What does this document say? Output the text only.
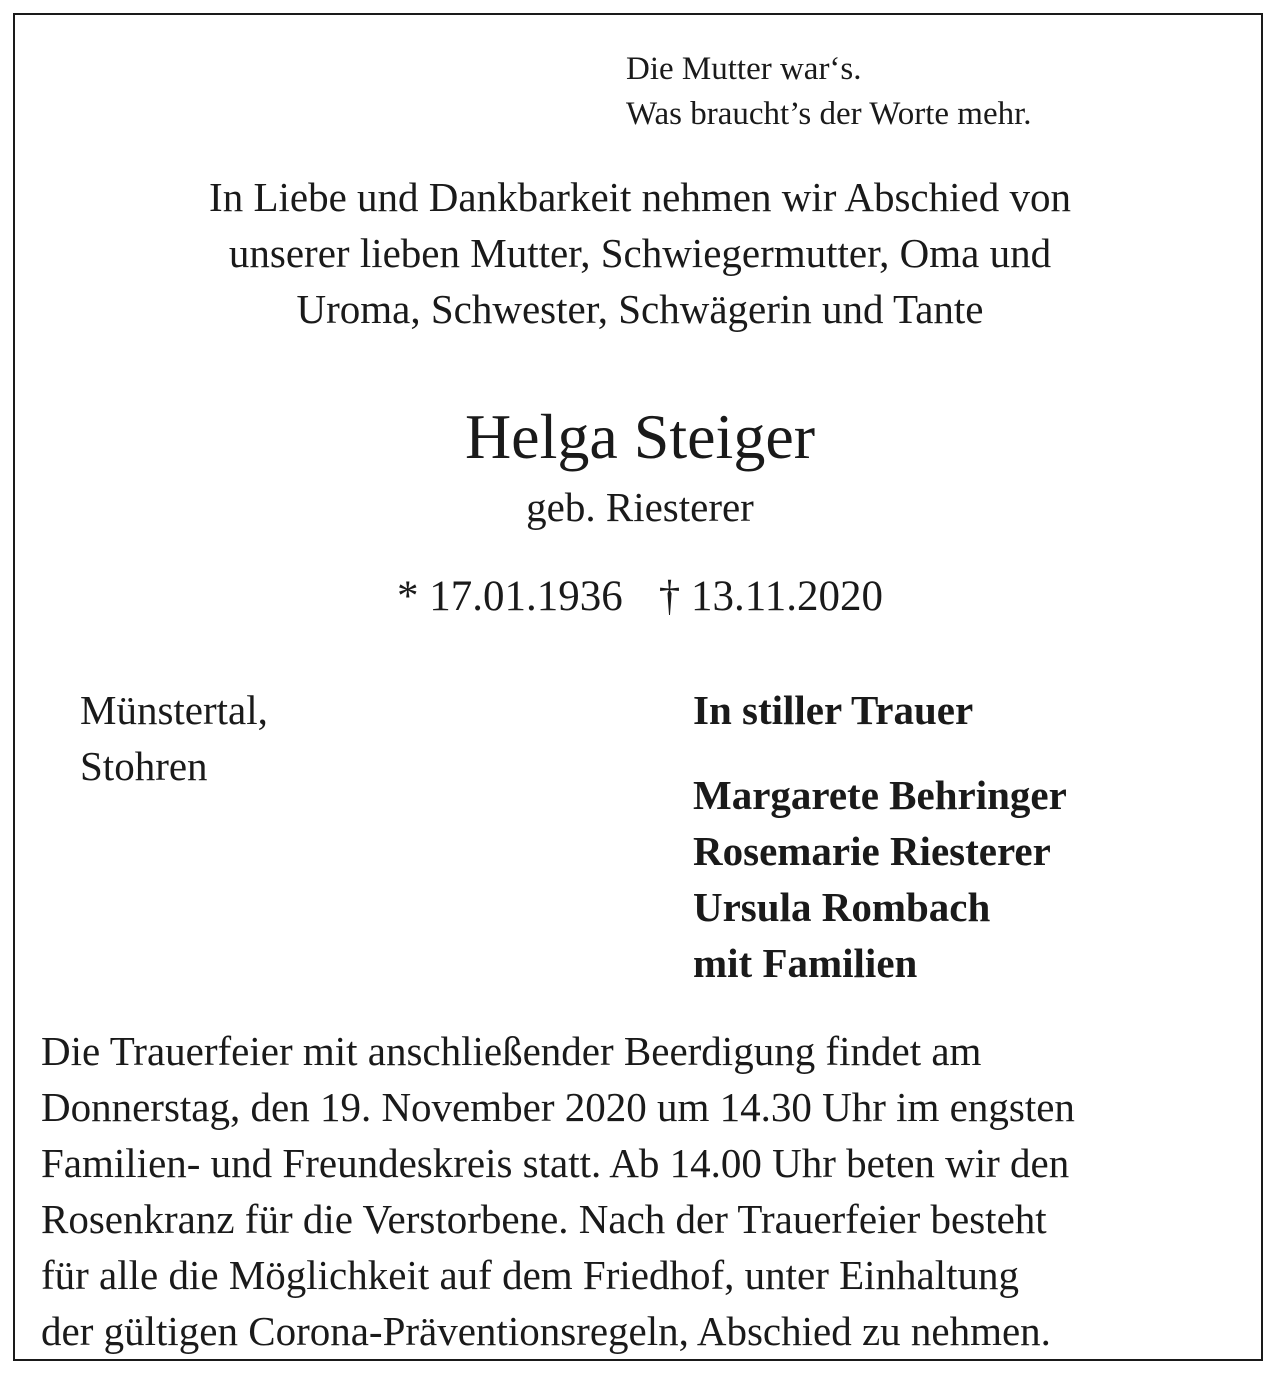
Die Mutter war‘s.
Was braucht’s der Worte mehr.
In Liebe und Dankbarkeit nehmen wir Abschied von
unserer lieben Mutter, Schwiegermutter, Oma und
Uroma, Schwester, Schwägerin und Tante
Helga Steiger
geb. Riesterer
* 17.01.1936 † 13.11.2020
Münstertal,
Stohren
In stiller Trauer
Margarete Behringer
Rosemarie Riesterer
Ursula Rombach
mit Familien
Die Trauerfeier mit anschließender Beerdigung findet am
Donnerstag, den 19. November 2020 um 14.30 Uhr im engsten
Familien- und Freundeskreis statt. Ab 14.00 Uhr beten wir den
Rosenkranz für die Verstorbene. Nach der Trauerfeier besteht
für alle die Möglichkeit auf dem Friedhof, unter Einhaltung
der gültigen Corona-Präventionsregeln, Abschied zu nehmen.
